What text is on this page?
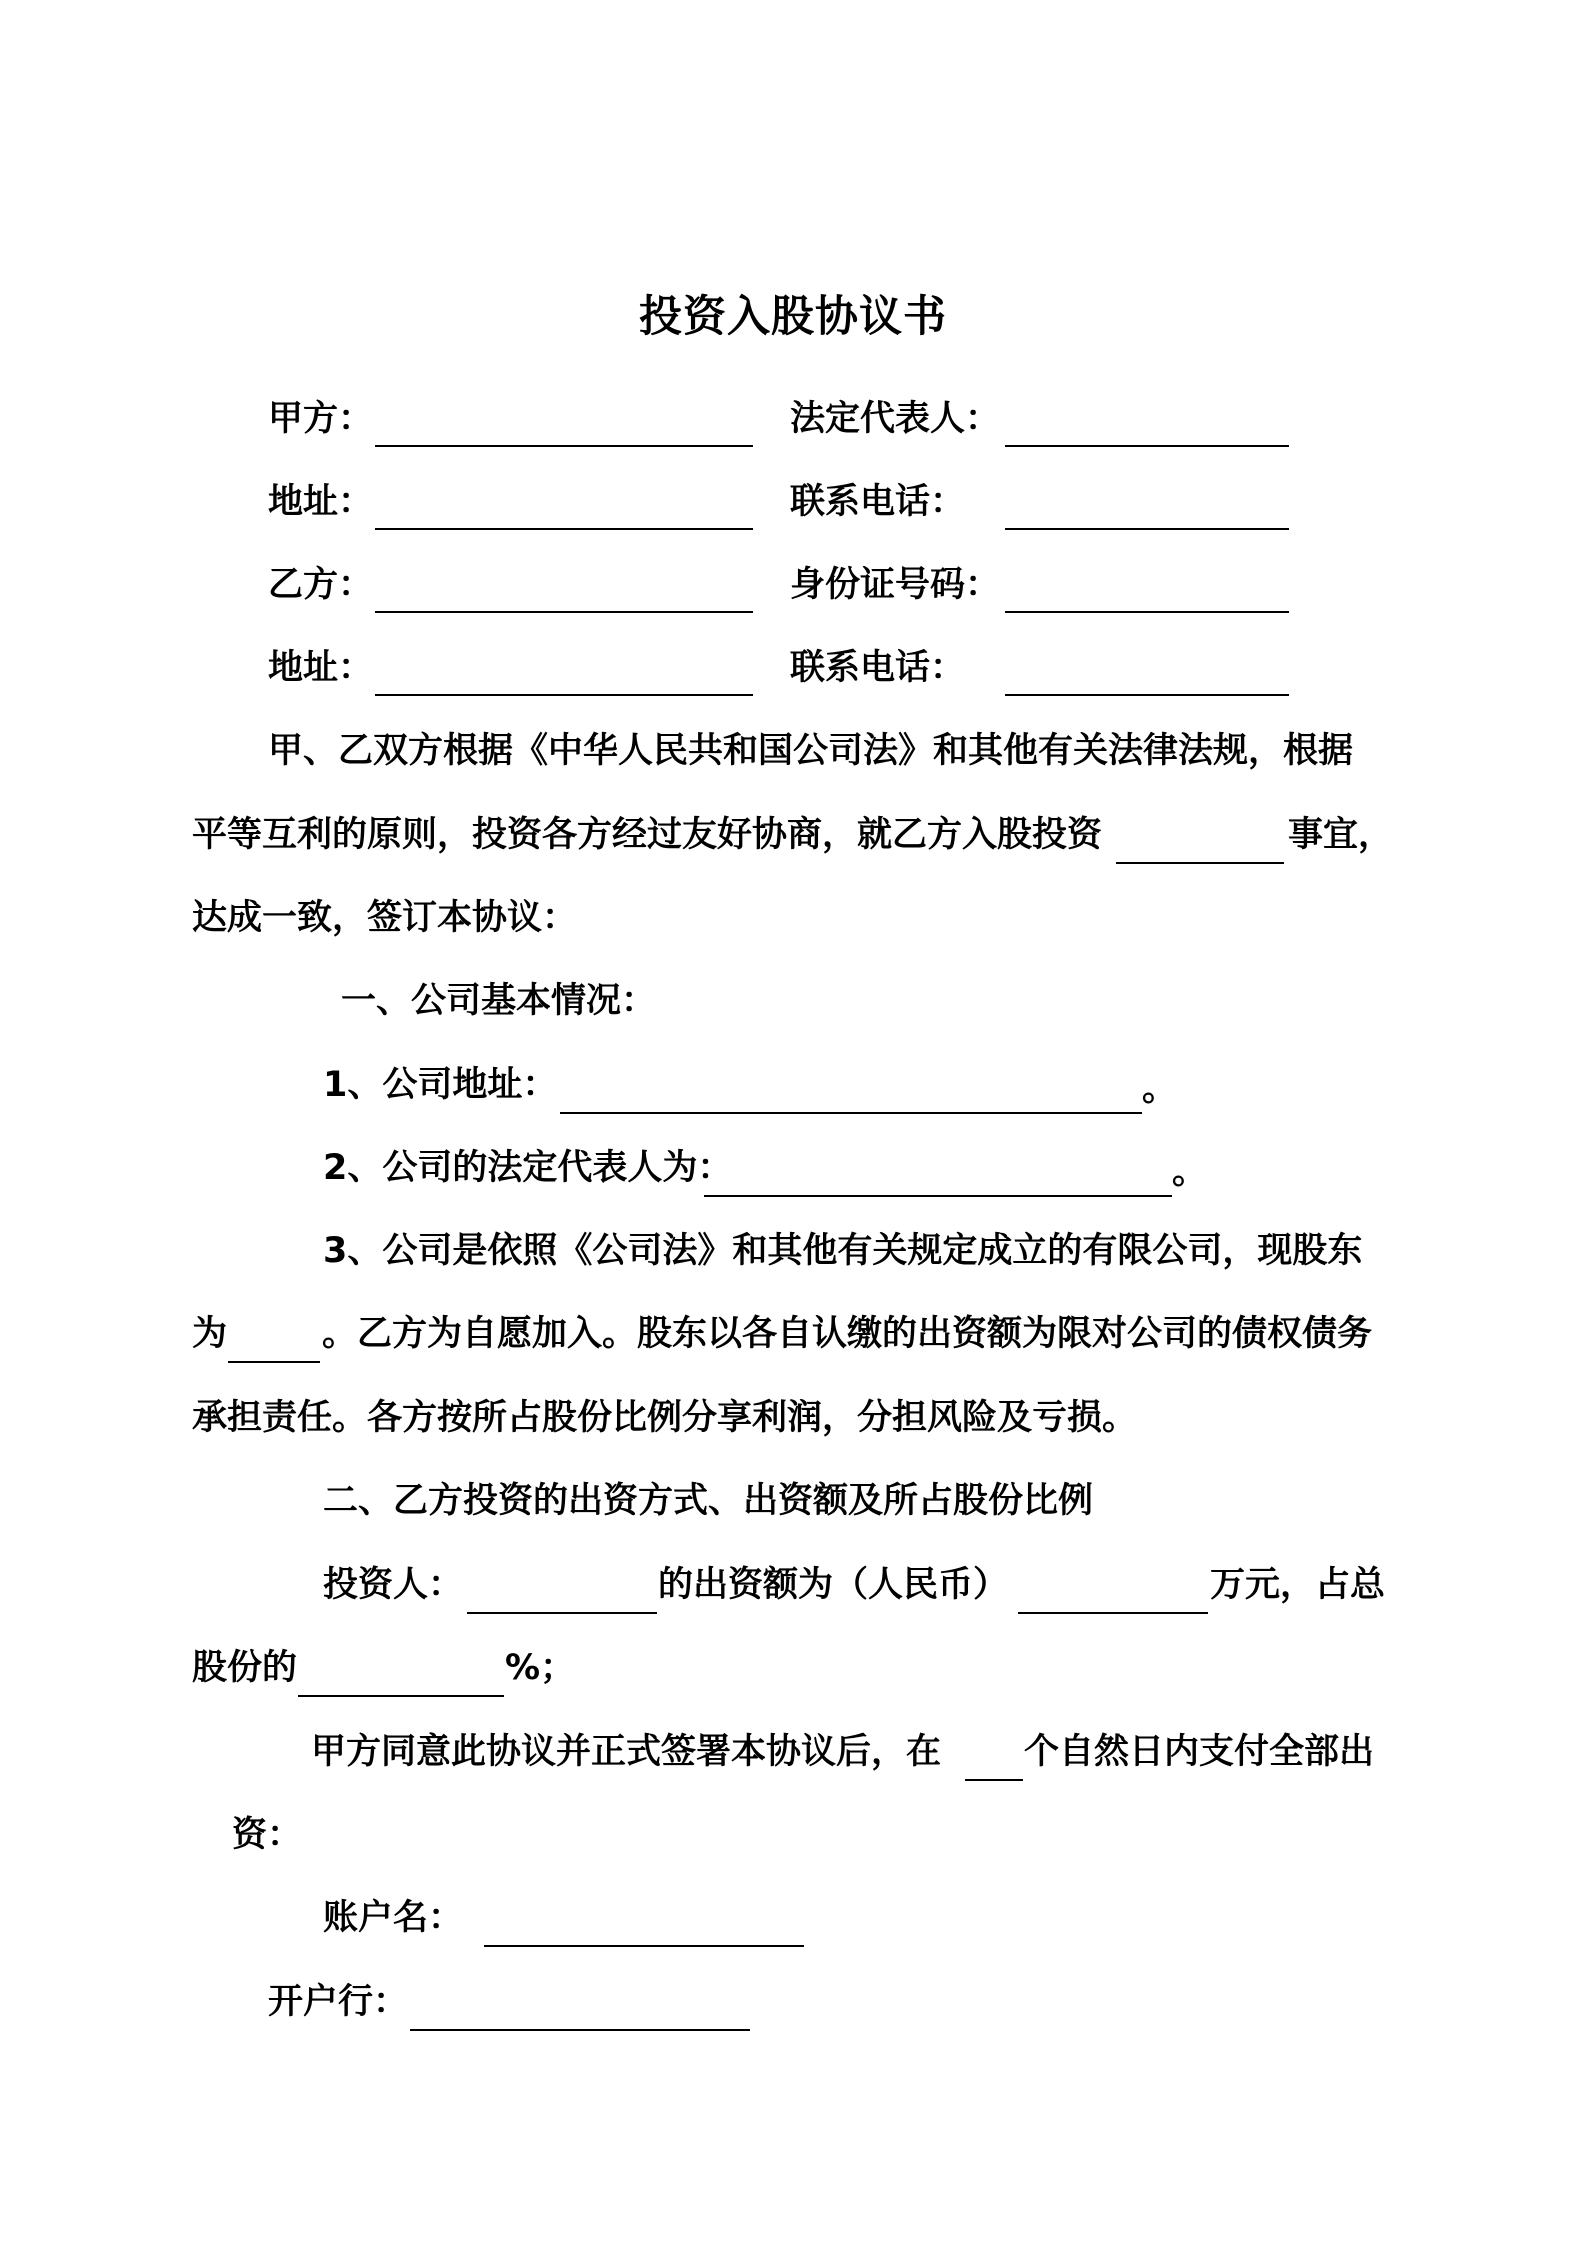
投资入股协议书
甲方：	法定代表人：
地址：	联系电话：
乙方：	身份证号码：
地址：	联系电话：
甲、乙双方根据《中华人民共和国公司法》和其他有关法律法规，根据
平等互利的原则，投资各方经过友好协商，就乙方入股投资	事宜，
达成一致，签订本协议：
一、公司基本情况：
1、公司地址：	。
2、公司的法定代表人为：	。
3、公司是依照《公司法》和其他有关规定成立的有限公司，现股东
为	。乙方为自愿加入。股东以各自认缴的出资额为限对公司的债权债务
承担责任。各方按所占股份比例分享利润，分担风险及亏损。
二、乙方投资的出资方式、出资额及所占股份比例
投资人：	的出资额为（人民币）	万元，占总
股份的	%；
甲方同意此协议并正式签署本协议后，在 个自然日内支付全部出
资：
账户名：
开户行：
